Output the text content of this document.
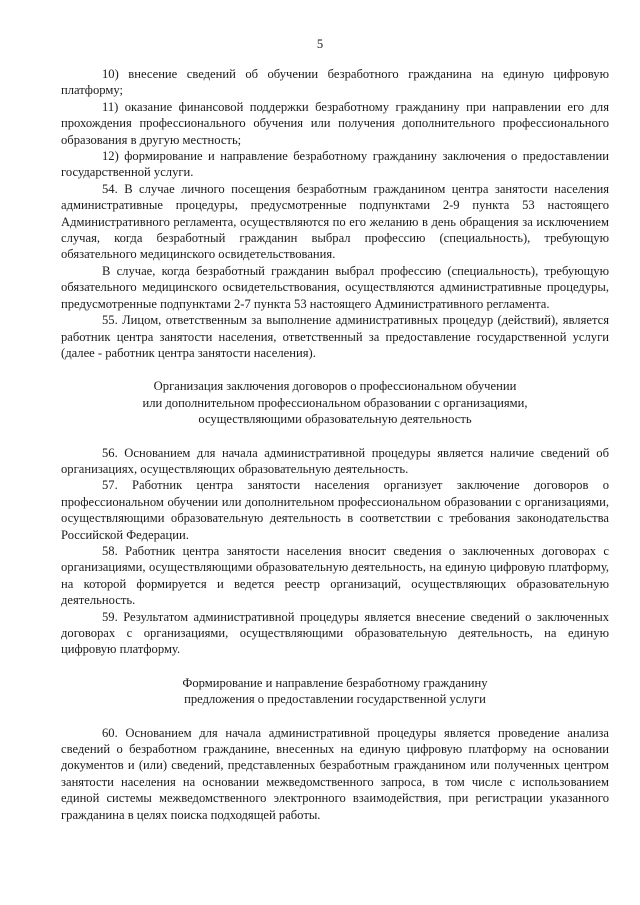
5

10) внесение сведений об обучении безработного гражданина на единую цифровую платформу;

11) оказание финансовой поддержки безработному гражданину при направлении его для прохождения профессионального обучения или получения дополнительного профессионального образования в другую местность;

12) формирование и направление безработному гражданину заключения о предоставлении государственной услуги.

54. В случае личного посещения безработным гражданином центра занятости населения административные процедуры, предусмотренные подпунктами 2-9 пункта 53 настоящего Административного регламента, осуществляются по его желанию в день обращения за исключением случая, когда безработный гражданин выбрал профессию (специальность), требующую обязательного медицинского освидетельствования.

В случае, когда безработный гражданин выбрал профессию (специальность), требующую обязательного медицинского освидетельствования, осуществляются административные процедуры, предусмотренные подпунктами 2-7 пункта 53 настоящего Административного регламента.

55. Лицом, ответственным за выполнение административных процедур (действий), является работник центра занятости населения, ответственный за предоставление государственной услуги (далее - работник центра занятости населения).

Организация заключения договоров о профессиональном обучении

или дополнительном профессиональном образовании с организациями,

осуществляющими образовательную деятельность

56. Основанием для начала административной процедуры является наличие сведений об организациях, осуществляющих образовательную деятельность.

57. Работник центра занятости населения организует заключение договоров о профессиональном обучении или дополнительном профессиональном образовании с организациями, осуществляющими образовательную деятельность в соответствии с требования законодательства Российской Федерации.

58. Работник центра занятости населения вносит сведения о заключенных договорах с организациями, осуществляющими образовательную деятельность, на единую цифровую платформу, на которой формируется и ведется реестр организаций, осуществляющих образовательную деятельность.

59. Результатом административной процедуры является внесение сведений о заключенных договорах с организациями, осуществляющими образовательную деятельность, на единую цифровую платформу.

Формирование и направление безработному гражданину

предложения о предоставлении государственной услуги

60. Основанием для начала административной процедуры является проведение анализа сведений о безработном гражданине, внесенных на единую цифровую платформу на основании документов и (или) сведений, представленных безработным гражданином или полученных центром занятости населения на основании межведомственного запроса, в том числе с использованием единой системы межведомственного электронного взаимодействия, при регистрации указанного гражданина в целях поиска подходящей работы.
